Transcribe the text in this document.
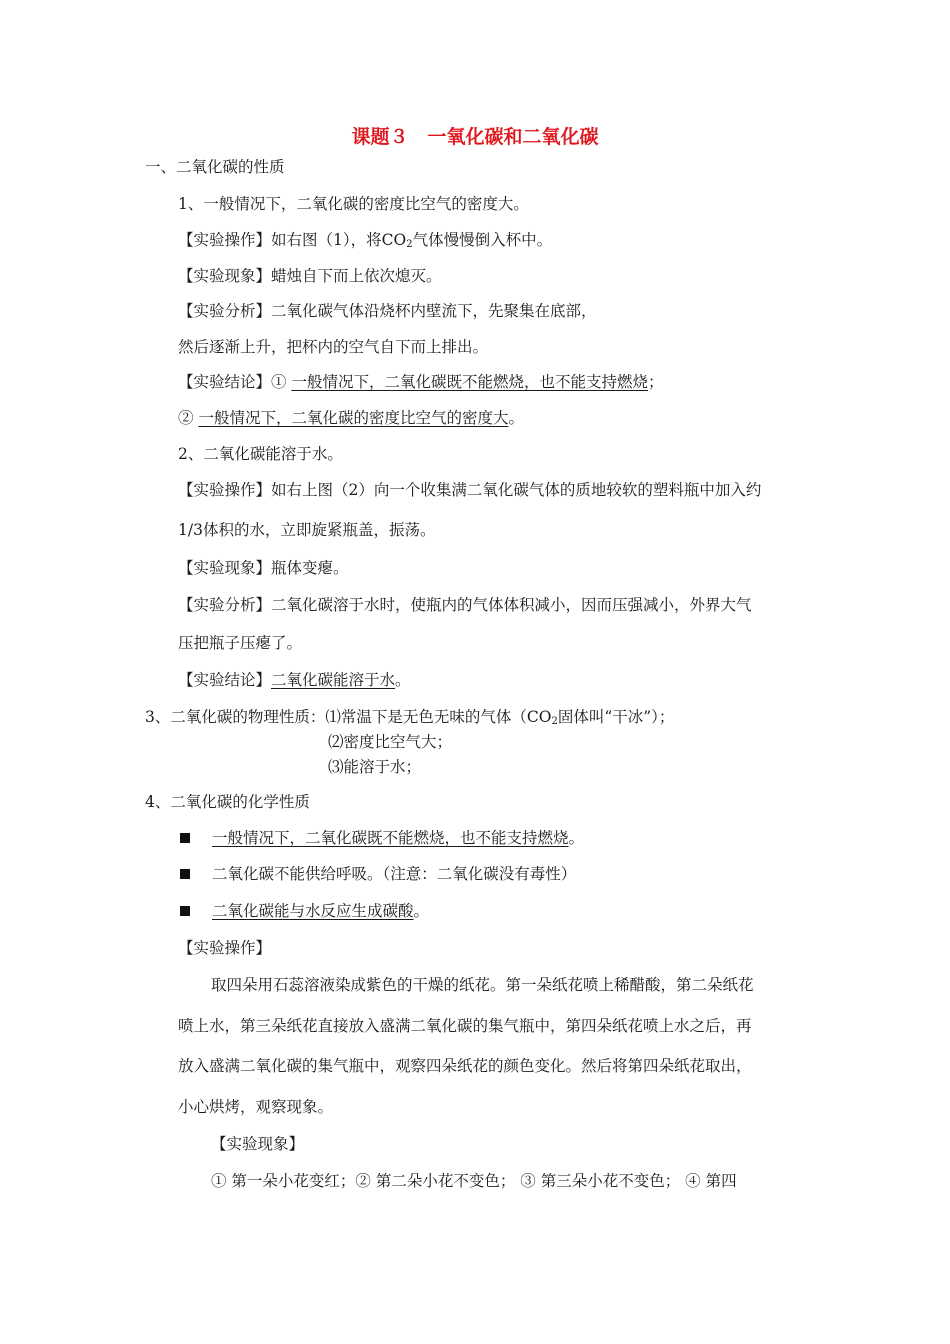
课题３　一氧化碳和二氧化碳
一、二氧化碳的性质
1、一般情况下，二氧化碳的密度比空气的密度大。
【实验操作】如右图（1），将$CO_2$气体慢慢倒入杯中。
【实验现象】蜡烛自下而上依次熄灭。
【实验分析】二氧化碳气体沿烧杯内壁流下，先聚集在底部，
然后逐渐上升，把杯内的空气自下而上排出。
【实验结论】① 一般情况下，二氧化碳既不能燃烧，也不能支持燃烧；
② 一般情况下，二氧化碳的密度比空气的密度大。
2、二氧化碳能溶于水。
【实验操作】如右上图（2）向一个收集满二氧化碳气体的质地较软的塑料瓶中加入约
1/3体积的水，立即旋紧瓶盖，振荡。
【实验现象】瓶体变瘪。
【实验分析】二氧化碳溶于水时，使瓶内的气体体积减小，因而压强减小，外界大气
压把瓶子压瘪了。
【实验结论】二氧化碳能溶于水。
3、二氧化碳的物理性质：⑴常温下是无色无味的气体（$CO_2$固体叫“干冰”）；
⑵密度比空气大；
⑶能溶于水；
4、二氧化碳的化学性质
一般情况下，二氧化碳既不能燃烧，也不能支持燃烧。
二氧化碳不能供给呼吸。（注意：二氧化碳没有毒性）
二氧化碳能与水反应生成碳酸。
【实验操作】
取四朵用石蕊溶液染成紫色的干燥的纸花。第一朵纸花喷上稀醋酸，第二朵纸花
喷上水，第三朵纸花直接放入盛满二氧化碳的集气瓶中，第四朵纸花喷上水之后，再
放入盛满二氧化碳的集气瓶中，观察四朵纸花的颜色变化。然后将第四朵纸花取出，
小心烘烤，观察现象。
【实验现象】
① 第一朵小花变红；② 第二朵小花不变色； ③ 第三朵小花不变色； ④ 第四
